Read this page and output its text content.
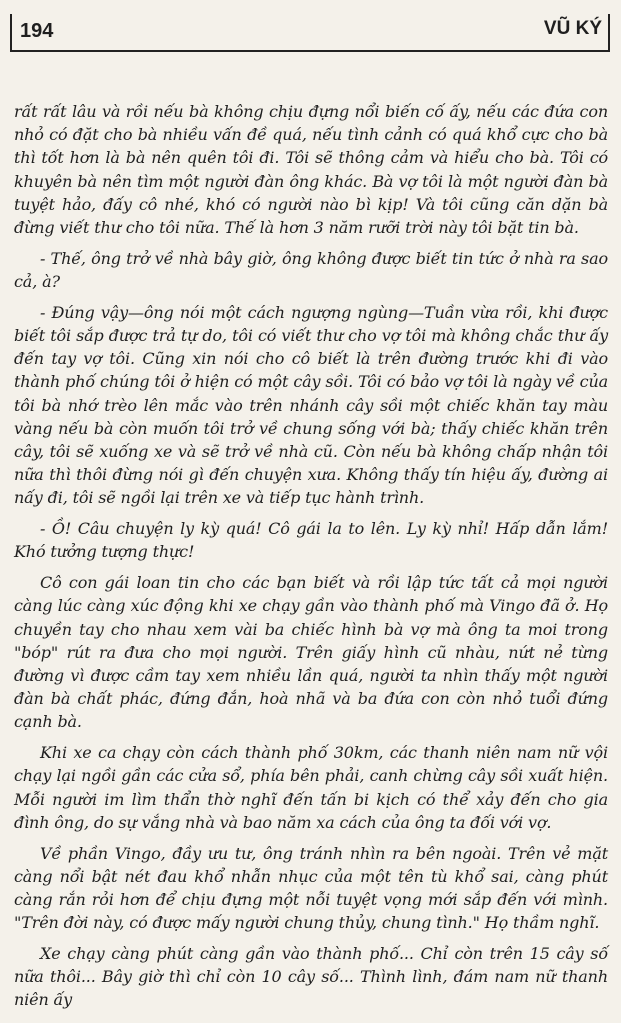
194	VŨ KÝ

rất rất lâu và rồi nếu bà không chịu đựng nổi biến cố ấy, nếu các đứa con nhỏ có đặt cho bà nhiều vấn đề quá, nếu tình cảnh có quá khổ cực cho bà thì tốt hơn là bà nên quên tôi đi. Tôi sẽ thông cảm và hiểu cho bà. Tôi có khuyên bà nên tìm một người đàn ông khác. Bà vợ tôi là một người đàn bà tuyệt hảo, đấy cô nhé, khó có người nào bì kịp! Và tôi cũng căn dặn bà đừng viết thư cho tôi nữa. Thế là hơn 3 năm rưỡi trời này tôi bặt tin bà.

- Thế, ông trở về nhà bây giờ, ông không được biết tin tức ở nhà ra sao cả, à?

- Đúng vậy—ông nói một cách ngượng ngùng—Tuần vừa rồi, khi được biết tôi sắp được trả tự do, tôi có viết thư cho vợ tôi mà không chắc thư ấy đến tay vợ tôi. Cũng xin nói cho cô biết là trên đường trước khi đi vào thành phố chúng tôi ở hiện có một cây sồi. Tôi có bảo vợ tôi là ngày về của tôi bà nhớ trèo lên mắc vào trên nhánh cây sồi một chiếc khăn tay màu vàng nếu bà còn muốn tôi trở về chung sống với bà; thấy chiếc khăn trên cây, tôi sẽ xuống xe và sẽ trở về nhà cũ. Còn nếu bà không chấp nhận tôi nữa thì thôi đừng nói gì đến chuyện xưa. Không thấy tín hiệu ấy, đường ai nấy đi, tôi sẽ ngồi lại trên xe và tiếp tục hành trình.

- Ồ! Câu chuyện ly kỳ quá! Cô gái la to lên. Ly kỳ nhỉ! Hấp dẫn lắm! Khó tưởng tượng thực!

Cô con gái loan tin cho các bạn biết và rồi lập tức tất cả mọi người càng lúc càng xúc động khi xe chạy gần vào thành phố mà Vingo đã ở. Họ chuyền tay cho nhau xem vài ba chiếc hình bà vợ mà ông ta moi trong "bóp" rút ra đưa cho mọi người. Trên giấy hình cũ nhàu, nứt nẻ từng đường vì được cầm tay xem nhiều lần quá, người ta nhìn thấy một người đàn bà chất phác, đứng đắn, hoà nhã và ba đứa con còn nhỏ tuổi đứng cạnh bà.

Khi xe ca chạy còn cách thành phố 30km, các thanh niên nam nữ vội chạy lại ngồi gần các cửa sổ, phía bên phải, canh chừng cây sồi xuất hiện. Mỗi người im lìm thẩn thờ nghĩ đến tấn bi kịch có thể xảy đến cho gia đình ông, do sự vắng nhà và bao năm xa cách của ông ta đối với vợ.

Về phần Vingo, đầy ưu tư, ông tránh nhìn ra bên ngoài. Trên vẻ mặt càng nổi bật nét đau khổ nhẫn nhục của một tên tù khổ sai, càng phút càng rắn rỏi hơn để chịu đựng một nỗi tuyệt vọng mới sắp đến với mình. "Trên đời này, có được mấy người chung thủy, chung tình." Họ thầm nghĩ.

Xe chạy càng phút càng gần vào thành phố... Chỉ còn trên 15 cây số nữa thôi... Bây giờ thì chỉ còn 10 cây số... Thình lình, đám nam nữ thanh niên ấy
